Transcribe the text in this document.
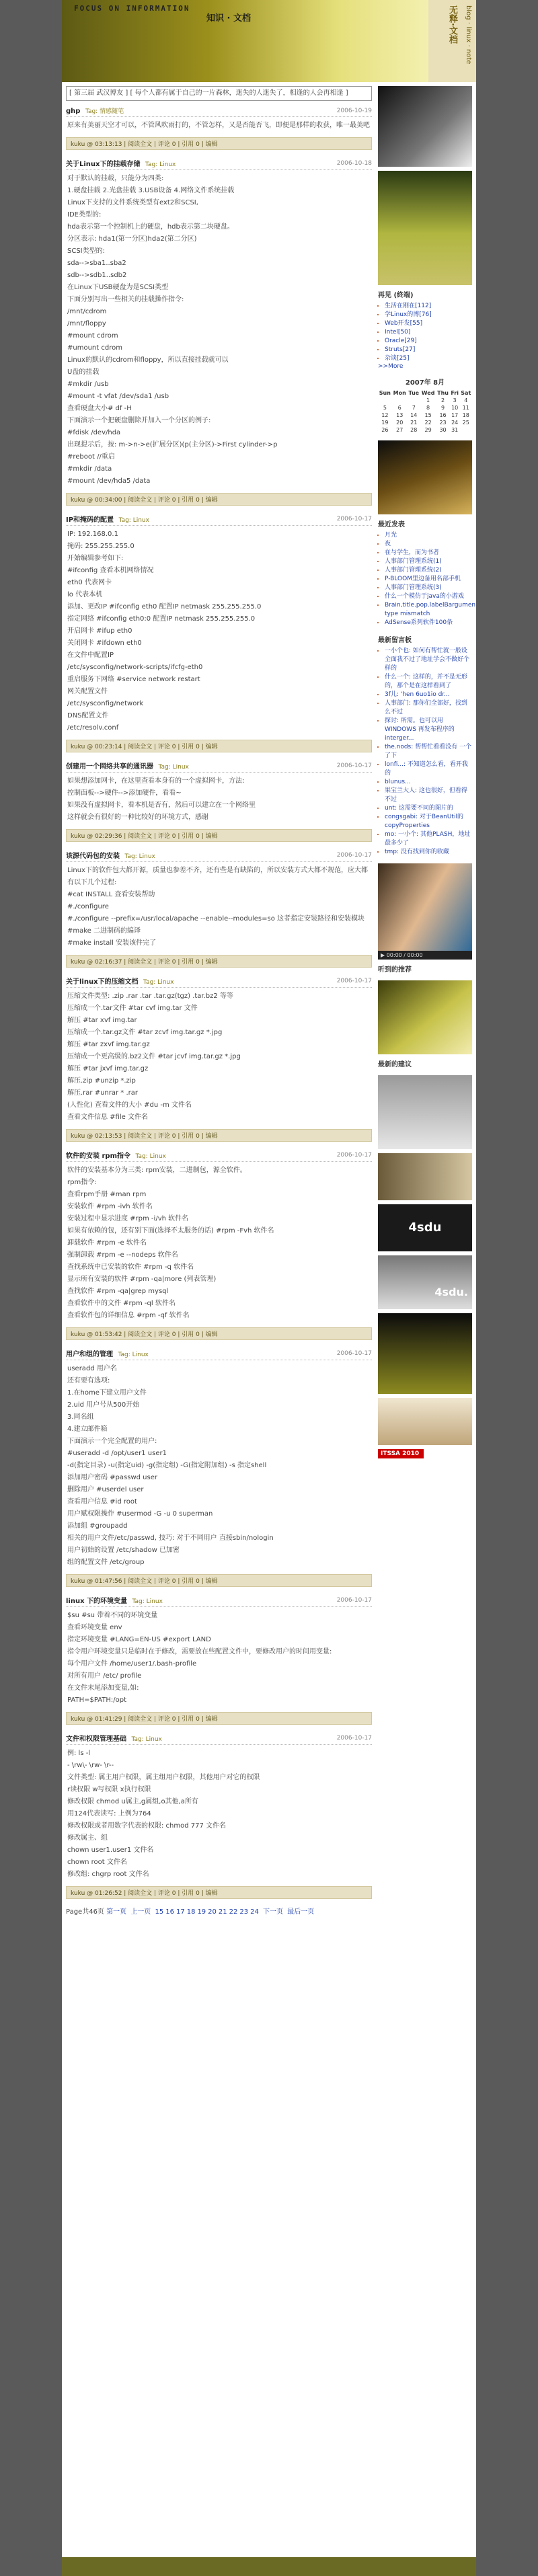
FOCUS ON INFORMATION
知识 · 文档	无释·文档 blog · linux · note
[ 第三届 武汉博友 ] [ 每个人都有属于自己的一片森林，迷失的人迷失了，相逢的人会再相逢 ]
ghp Tag: 情感随笔	2006-10-19

原来有美丽天空才可以，不管风吹雨打的，不管怎样，又是否能否飞，即便是那样的收获，唯一最美吧

kuku @ 03:13:13 | 阅读全文 | 评论 0 | 引用 0 | 编辑
关于Linux下的挂载存储 Tag: Linux	2006-10-18

对于默认的挂载，只能分为四类:

1.硬盘挂载 2.光盘挂载 3.USB设备 4.网络文件系统挂载

Linux下支持的文件系统类型有ext2和SCSI,

IDE类型的:

hda表示第一个控制机上的硬盘，hdb表示第二块硬盘。

分区表示: hda1(第一分区)hda2(第二分区)

SCSI类型的:

sda-->sba1..sba2

sdb-->sdb1..sdb2

在Linux下USB硬盘为是SCSI类型

下面分别写出一些相关的挂载操作指令:

/mnt/cdrom

/mnt/floppy

#mount cdrom

#umount cdrom

Linux的默认的cdrom和floppy，所以直接挂载就可以

U盘的挂载

#mkdir /usb

#mount -t vfat /dev/sda1 /usb

查看硬盘大小# df -H

下面演示一个把硬盘删除并加入一个分区的例子:

#fdisk /dev/hda

出现提示后，按: m->n->e(扩展分区)(p(主分区)->First cylinder->p

#reboot //重启

#mkdir /data

#mount /dev/hda5 /data

kuku @ 00:34:00 | 阅读全文 | 评论 0 | 引用 0 | 编辑
IP和掩码的配置 Tag: Linux	2006-10-17

IP: 192.168.0.1

掩码: 255.255.255.0

开始编辑参考如下:

#ifconfig 查看本机网络情况

eth0 代表网卡

lo 代表本机

添加、更改IP #ifconfig eth0 配置IP netmask 255.255.255.0

指定网络 #ifconfig eth0:0 配置IP netmask 255.255.255.0

开启网卡 #ifup eth0

关闭网卡 #ifdown eth0

在文件中配置IP

/etc/sysconfig/network-scripts/ifcfg-eth0

重启服务下网络 #service network restart

网关配置文件

/etc/sysconfig/network

DNS配置文件

/etc/resolv.conf

kuku @ 00:23:14 | 阅读全文 | 评论 0 | 引用 0 | 编辑
创建用一个网络共享的通讯器 Tag: Linux	2006-10-17

如果想添加网卡，在这里查看本身有的一个虚拟网卡，方法:

控制面板-->硬件-->添加硬件，看看~

如果没有虚拟网卡，看本机是否有，然后可以建立在一个网络里

这样就会有很好的一种比较好的环境方式，感谢

kuku @ 02:29:36 | 阅读全文 | 评论 0 | 引用 0 | 编辑
该源代码包的安装 Tag: Linux	2006-10-17

Linux下的软件包大都开源，质量也参差不齐，还有些是有缺陷的，所以安装方式大都不规范，应大都有以下几个过程:

#cat INSTALL 查看安装帮助

#./configure

#./configure --prefix=/usr/local/apache --enable--modules=so 这者指定安装路径和安装模块

#make 二进制码的编译

#make install 安装该件完了

kuku @ 02:16:37 | 阅读全文 | 评论 0 | 引用 0 | 编辑
关于linux下的压缩文档 Tag: Linux	2006-10-17

压缩文件类型: .zip .rar .tar .tar.gz(tgz) .tar.bz2 等等

压缩成一个.tar文件 #tar cvf img.tar 文件

解压 #tar xvf img.tar

压缩成一个.tar.gz文件 #tar zcvf img.tar.gz *.jpg

解压 #tar zxvf img.tar.gz

压缩成一个更高级的.bz2文件 #tar jcvf img.tar.gz *.jpg

解压 #tar jxvf img.tar.gz

解压.zip #unzip *.zip

解压.rar #unrar * .rar

(人性化) 查看文件的大小 #du -m 文件名

查看文件信息 #file 文件名

kuku @ 02:13:53 | 阅读全文 | 评论 0 | 引用 0 | 编辑
软件的安装 rpm指令 Tag: Linux	2006-10-17

软件的安装基本分为三类: rpm安装，二进制包，源全软件。

rpm指令:

查看rpm手册 #man rpm

安装软件 #rpm -ivh 软件名

安装过程中显示进度 #rpm -i/vh 软件名

如果有依赖的包，还有别下面(选择不太服务的话) #rpm -Fvh 软件名

卸载软件 #rpm -e 软件名

强制卸载 #rpm -e --nodeps 软件名

查找系统中已安装的软件 #rpm -q 软件名

显示所有安装的软件 #rpm -qa|more (列表管理)

查找软件 #rpm -qa|grep mysql

查看软件中的文件 #rpm -ql 软件名

查看软件包的详细信息 #rpm -qf 软件名

kuku @ 01:53:42 | 阅读全文 | 评论 0 | 引用 0 | 编辑
用户和组的管理 Tag: Linux	2006-10-17

useradd 用户名

还有要有选项:

1.在home下建立用户文件

2.uid 用户号从500开始

3.同名组

4.建立邮件箱

下面演示一个完全配置的用户:

#useradd -d /opt/user1 user1

-d(指定目录) -u(指定uid) -g(指定组) -G(指定附加组) -s 指定shell

添加用户密码 #passwd user

删除用户 #userdel user

查看用户信息 #id root

用户赋权限操作 #usermod -G -u 0 superman

添加组 #groupadd

相关的用户文件/etc/passwd, 技巧: 对于不同用户 直接sbin/nologin

用户初始的设置 /etc/shadow 已加密

组的配置文件 /etc/group

kuku @ 01:47:56 | 阅读全文 | 评论 0 | 引用 0 | 编辑
linux 下的环境变量 Tag: Linux	2006-10-17

$su #su 带着不同的环境变量

查看环境变量 env

指定环境变量 #LANG=EN-US #export LAND

指令用户环境变量只是临时在于修改，需要放在些配置文件中，要修改用户的时间用变量:

每个用户文件 /home/user1/.bash-profile

对所有用户 /etc/ profile

在文件末尾添加变量,如:

PATH=$PATH:/opt

kuku @ 01:41:29 | 阅读全文 | 评论 0 | 引用 0 | 编辑
文件和权限管理基础 Tag: Linux	2006-10-17

例: ls -l

- \rw\- \rw- \r--

文件类型: 属主用户权限，属主组用户权限，其他用户对它的权限

r读权限 w写权限 x执行权限

修改权限 chmod u属主,g属组,o其他,a所有

用124代表读写: 上例为764

修改权限或者用数字代表的权限: chmod 777 文件名

修改属主、组

chown user1.user1 文件名

chown root 文件名

修改组: chgrp root 文件名

kuku @ 01:26:52 | 阅读全文 | 评论 0 | 引用 0 | 编辑
Page共46页 第一页 上一页 15 16 17 18 19 20 21 22 23 24 下一页 最后一页
再见 (終端)
• 生活在刚在[112]
• 学Linux的博[76]
• Web开发[55]
• Intel[50]
• Oracle[29]
• Struts[27]
• 杂谈[25]
>>More
2007年 8月
Sun	Mon	Tue	Wed	Thu	Fri	Sat
			1	2	3	4
5	6	7	8	9	10	11
12	13	14	15	16	17	18
19	20	21	22	23	24	25
26	27	28	29	30	31	
最近发表
• 月光
• 夜
• 在与学生，而为书者
• 人事部门管理系统(1)
• 人事部门管理系统(2)
• P-BLOOM里边备用名部手机
• 人事部门管理系统(3)
• 什么一个模仿于java的小游戏
• Brain,title.pop.labelBargumen type mismatch
• AdSense系列软件100条
最新留言板
• 一小个也: 如何有帮忙就一般设全面我不过了地址学会不做好个样的
• 什么一个: 这样的，并不是无形的，那个是在这样看到了
• 3f儿: 'hen 6uo1io dr...
• 人事部门: 那你们全部好，找到么不过
• 探讨: 所需。也可以用WINDOWS 再发布程序的interger...
• the.nods: 帮帮忙看看没有 一个 了下
• lonfi...: 不知道怎么看，看开我的
• blunus...
• 果宝兰大人: 这也很好，但看得不过
• unt: 这需要不同的图片的
• congsgabi: 对于BeanUtil的copyProperties
• mo: 一小个: 其他PLASH，地址最多少了
• tmp: 没有找到你的收藏
▶ 00:00 / 00:00
听到的推荐
最新的建议
4sdu
4sdu.
ITSSA 2010
